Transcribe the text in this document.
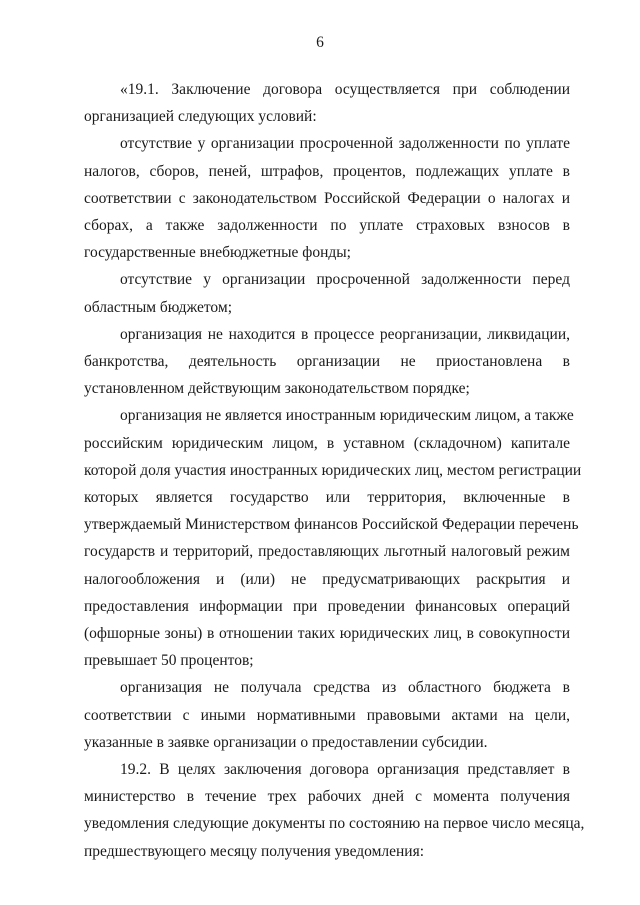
6

«19.1. Заключение договора осуществляется при соблюдении
организацией следующих условий:

отсутствие у организации просроченной задолженности по уплате
налогов, сборов, пеней, штрафов, процентов, подлежащих уплате в
соответствии с законодательством Российской Федерации о налогах и
сборах, а также задолженности по уплате страховых взносов в
государственные внебюджетные фонды;

отсутствие у организации просроченной задолженности перед
областным бюджетом;

организация не находится в процессе реорганизации, ликвидации,
банкротства, деятельность организации не приостановлена в
установленном действующим законодательством порядке;

организация не является иностранным юридическим лицом, а также
российским юридическим лицом, в уставном (складочном) капитале
которой доля участия иностранных юридических лиц, местом регистрации
которых является государство или территория, включенные в
утверждаемый Министерством финансов Российской Федерации перечень
государств и территорий, предоставляющих льготный налоговый режим
налогообложения и (или) не предусматривающих раскрытия и
предоставления информации при проведении финансовых операций
(офшорные зоны) в отношении таких юридических лиц, в совокупности
превышает 50 процентов;

организация не получала средства из областного бюджета в
соответствии с иными нормативными правовыми актами на цели,
указанные в заявке организации о предоставлении субсидии.

19.2. В целях заключения договора организация представляет в
министерство в течение трех рабочих дней с момента получения
уведомления следующие документы по состоянию на первое число месяца,
предшествующего месяцу получения уведомления:
